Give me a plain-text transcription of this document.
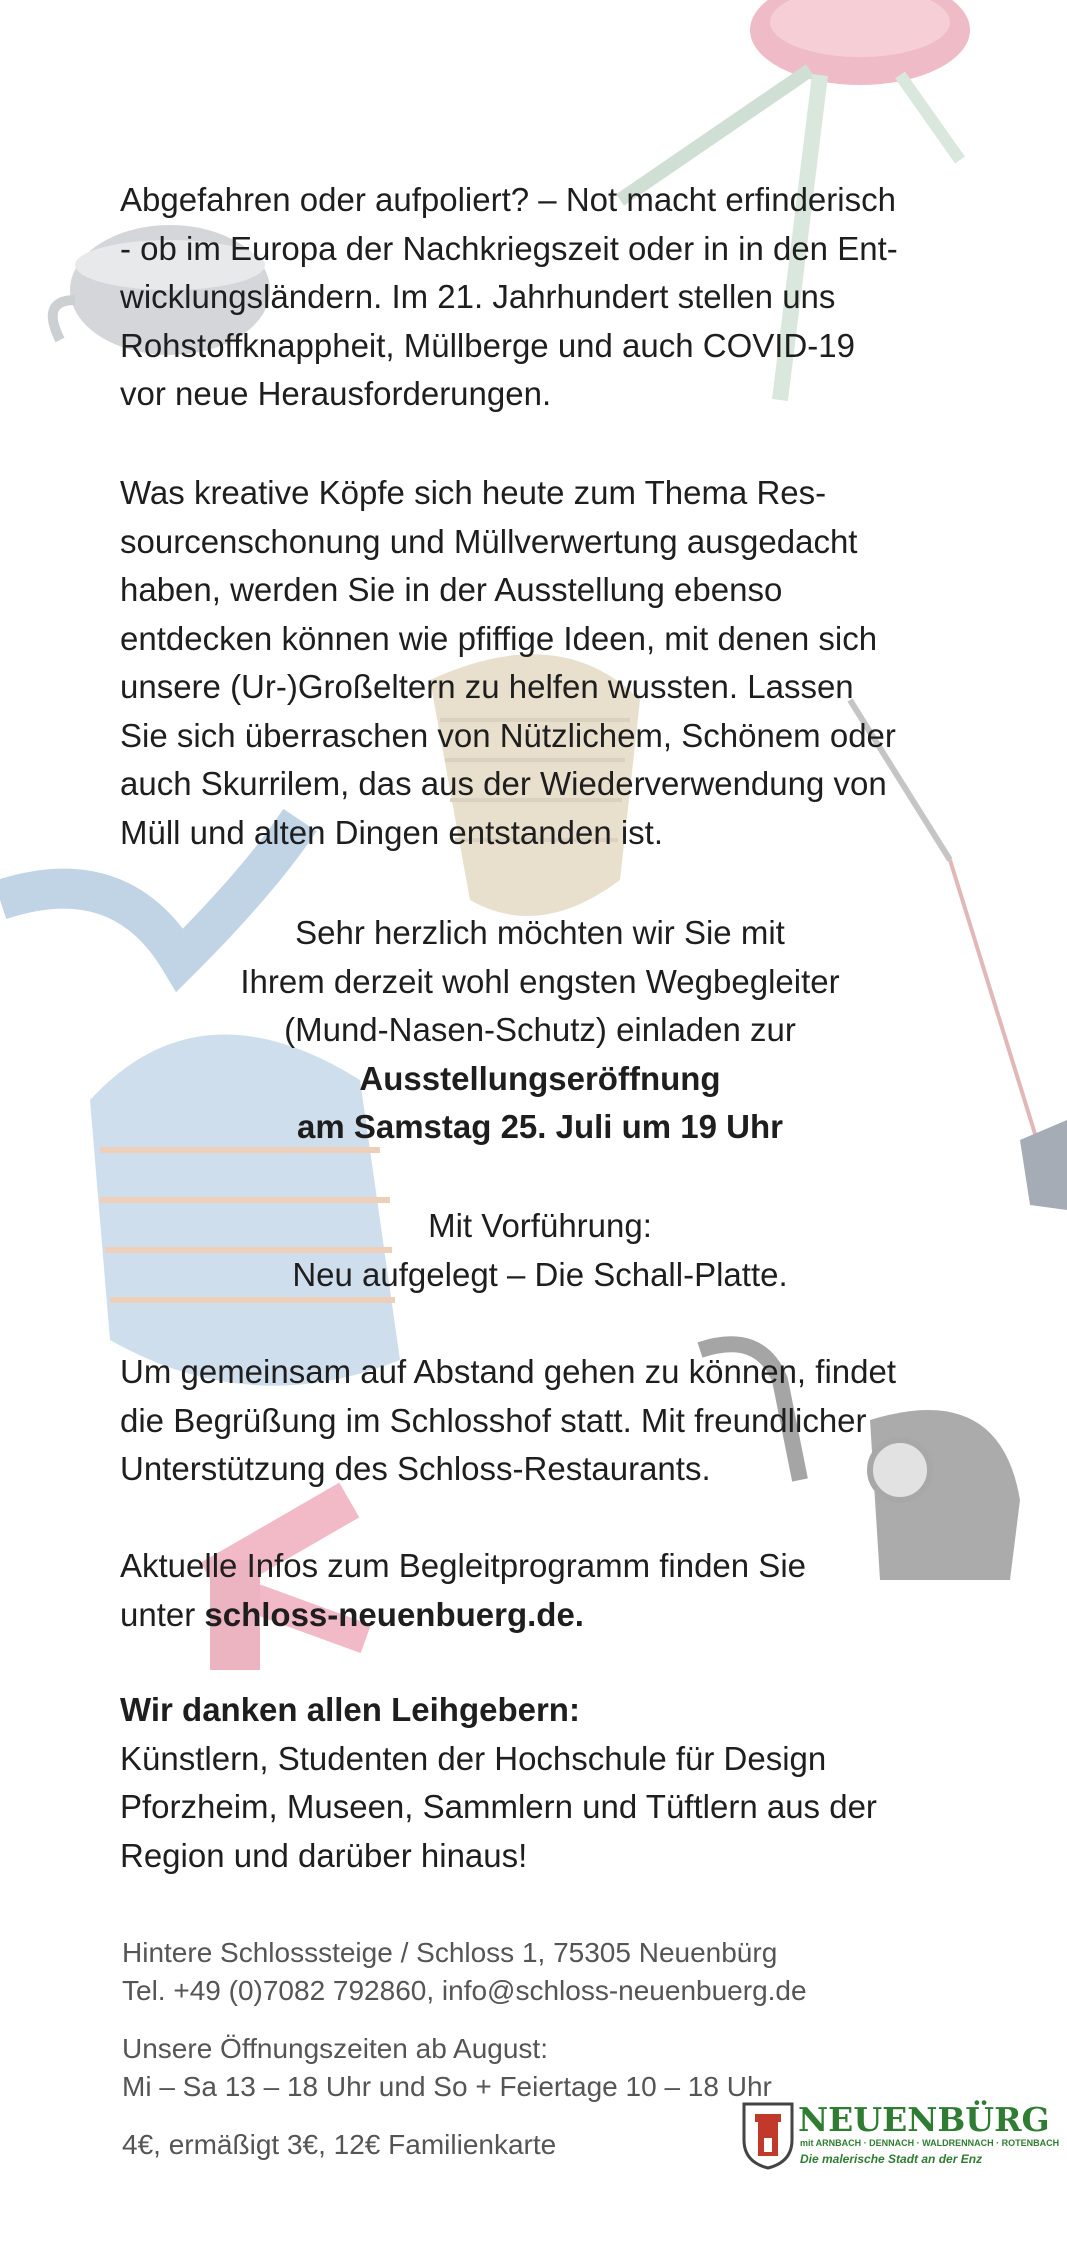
Abgefahren oder aufpoliert? – Not macht erfinderisch
- ob im Europa der Nachkriegszeit oder in in den Ent-
wicklungsländern. Im 21. Jahrhundert stellen uns
Rohstoffknappheit, Müllberge und auch COVID-19
vor neue Herausforderungen.
Was kreative Köpfe sich heute zum Thema Res-
sourcenschonung und Müllverwertung ausgedacht
haben, werden Sie in der Ausstellung ebenso
entdecken können wie pfiffige Ideen, mit denen sich
unsere (Ur-)Großeltern zu helfen wussten. Lassen
Sie sich überraschen von Nützlichem, Schönem oder
auch Skurrilem, das aus der Wiederverwendung von
Müll und alten Dingen entstanden ist.
Sehr herzlich möchten wir Sie mit
Ihrem derzeit wohl engsten Wegbegleiter
(Mund-Nasen-Schutz) einladen zur
Ausstellungseröffnung
am Samstag 25. Juli um 19 Uhr
Mit Vorführung:
Neu aufgelegt – Die Schall-Platte.
Um gemeinsam auf Abstand gehen zu können, findet
die Begrüßung im Schlosshof statt. Mit freundlicher
Unterstützung des Schloss-Restaurants.
Aktuelle Infos zum Begleitprogramm finden Sie
unter schloss-neuenbuerg.de.
Wir danken allen Leihgebern:
Künstlern, Studenten der Hochschule für Design
Pforzheim, Museen, Sammlern und Tüftlern aus der
Region und darüber hinaus!
Hintere Schlosssteige / Schloss 1, 75305 Neuenbürg
Tel. +49 (0)7082 792860, info@schloss-neuenbuerg.de
Unsere Öffnungszeiten ab August:
Mi – Sa 13 – 18 Uhr und So + Feiertage 10 – 18 Uhr
4€, ermäßigt 3€, 12€ Familienkarte
NEUENBÜRG
mit ARNBACH · DENNACH · WALDRENNACH · ROTENBACH
Die malerische Stadt an der Enz
